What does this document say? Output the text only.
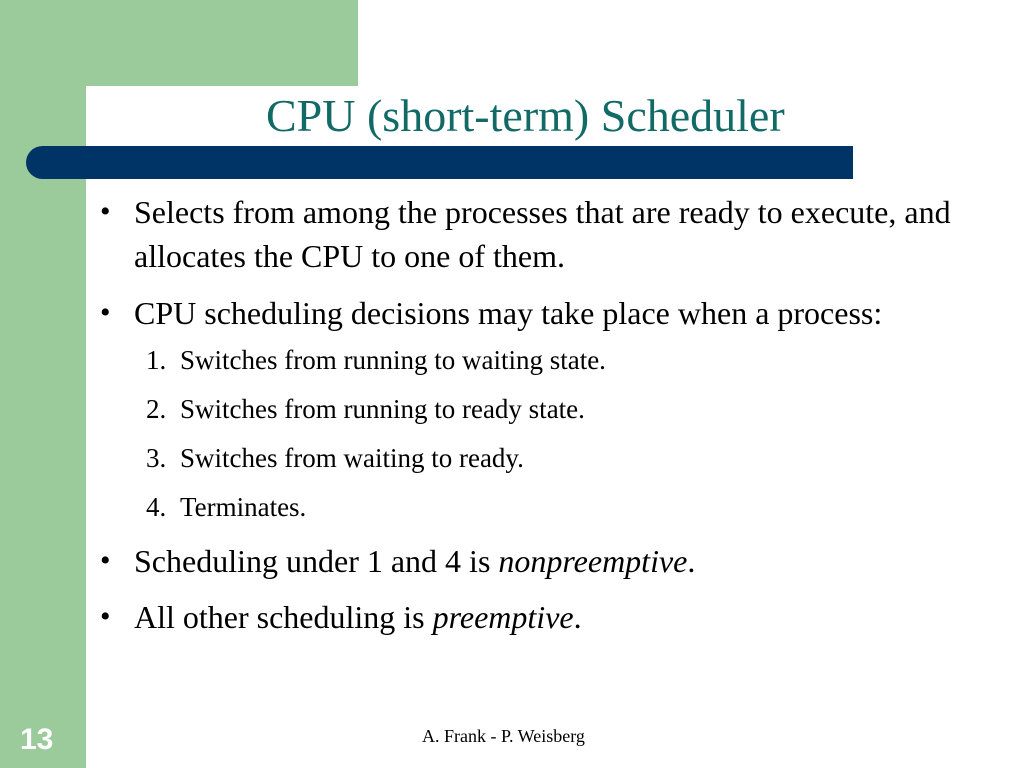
CPU (short-term) Scheduler
• Selects from among the processes that are ready to execute, and allocates the CPU to one of them.
• CPU scheduling decisions may take place when a process:
1. Switches from running to waiting state.
2. Switches from running to ready state.
3. Switches from waiting to ready.
4. Terminates.
• Scheduling under 1 and 4 is nonpreemptive.
• All other scheduling is preemptive.
13	A. Frank - P. Weisberg
